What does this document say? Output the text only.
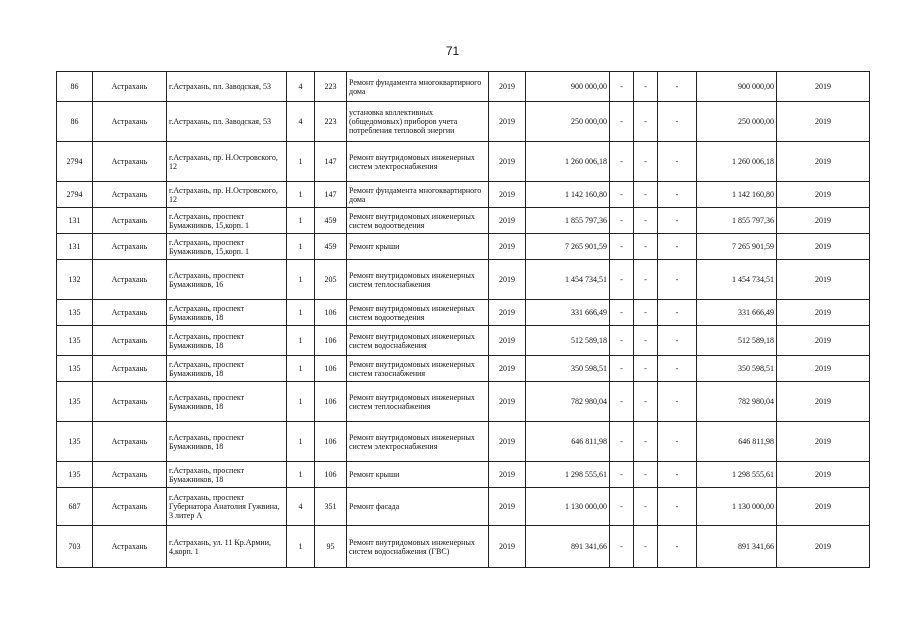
71
86	Астрахань	г.Астрахань, пл. Заводская, 53	4	223	Ремонт фундамента многоквартирного дома	2019	900 000,00	-	-	-	900 000,00	2019
86	Астрахань	г.Астрахань, пл. Заводская, 53	4	223	установка коллективных (общедомовых) приборов учета потребления тепловой энергии	2019	250 000,00	-	-	-	250 000,00	2019
2794	Астрахань	г.Астрахань, пр. Н.Островского, 12	1	147	Ремонт внутридомовых инженерных систем электроснабжения	2019	1 260 006,18	-	-	-	1 260 006,18	2019
2794	Астрахань	г.Астрахань, пр. Н.Островского, 12	1	147	Ремонт фундамента многоквартирного дома	2019	1 142 160,80	-	-	-	1 142 160,80	2019
131	Астрахань	г.Астрахань, проспект Бумажников, 15,корп. 1	1	459	Ремонт внутридомовых инженерных систем водоотведения	2019	1 855 797,36	-	-	-	1 855 797,36	2019
131	Астрахань	г.Астрахань, проспект Бумажников, 15,корп. 1	1	459	Ремонт крыши	2019	7 265 901,59	-	-	-	7 265 901,59	2019
132	Астрахань	г.Астрахань, проспект Бумажников, 16	1	205	Ремонт внутридомовых инженерных систем теплоснабжения	2019	1 454 734,51	-	-	-	1 454 734,51	2019
135	Астрахань	г.Астрахань, проспект Бумажников, 18	1	106	Ремонт внутридомовых инженерных систем водоотведения	2019	331 666,49	-	-	-	331 666,49	2019
135	Астрахань	г.Астрахань, проспект Бумажников, 18	1	106	Ремонт внутридомовых инженерных систем водоснабжения	2019	512 589,18	-	-	-	512 589,18	2019
135	Астрахань	г.Астрахань, проспект Бумажников, 18	1	106	Ремонт внутридомовых инженерных систем газоснабжения	2019	350 598,51	-	-	-	350 598,51	2019
135	Астрахань	г.Астрахань, проспект Бумажников, 18	1	106	Ремонт внутридомовых инженерных систем теплоснабжения	2019	782 980,04	-	-	-	782 980,04	2019
135	Астрахань	г.Астрахань, проспект Бумажников, 18	1	106	Ремонт внутридомовых инженерных систем электроснабжения	2019	646 811,98	-	-	-	646 811,98	2019
135	Астрахань	г.Астрахань, проспект Бумажников, 18	1	106	Ремонт крыши	2019	1 298 555,61	-	-	-	1 298 555,61	2019
687	Астрахань	г.Астрахань, проспект Губернатора Анатолия Гужвина, 3 литер А	4	351	Ремонт фасада	2019	1 130 000,00	-	-	-	1 130 000,00	2019
703	Астрахань	г.Астрахань, ул. 11 Кр.Армии, 4,корп. 1	1	95	Ремонт внутридомовых инженерных систем водоснабжения (ГВС)	2019	891 341,66	-	-	-	891 341,66	2019
